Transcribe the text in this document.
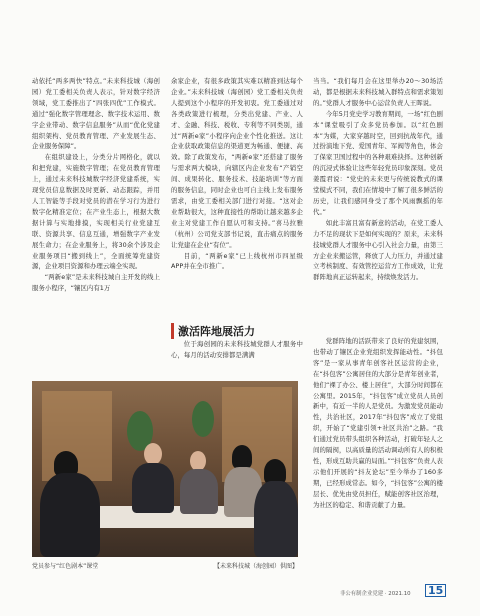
动依托“两多两快”特点。”未来科技城（海创园）党工委相关负责人表示，针对数字经济领域，党工委推出了“四张四优”工作模式。通过“强化数字管理理念、数字技术运用、数字企业带动、数字信息服务”从而“优化党建组织架构、党员教育管理、产业发展生态、企业服务保障”。

在组织建设上，分类分片网格化，就以和把党建，实施数字管理；在党员教育管理上，通过未来科技城数字经济党建系统，实现党员信息数据及时更新、动态跟踪，并用人工智能等手段对党员的潜在学习行为进行数字化精准定位；在产业生态上，根据大数据计算与实地排摸，实现相关行业党建互联、资源共享、信息互通，增强数字产业发展生命力；在企业服务上，将30余个涉及企业服务项目“搬到线上”，全面统筹党建资源，企业项目资源和办理云端全实现。

“两新e家”是未来科技城自主开发的线上服务小程序，“镶区内有1万

余家企业，有很多政策其实难以精准到达每个企业。”未来科技城（海创园）党工委相关负责人提到这个小程序的开发初衷。党工委通过对各类政策进行梳理，分类出党建、产业、人才、金融、科技、税收、专利等不同类别，通过“两新e家”小程序向企业个性化推送。这让企业获取政策信息的渠道更为畅通、便捷、高效。除了政策发布，“两新e家”还搭建了服务与需求两大模块，向辖区内企业发布“产销空间、成果转化、服务技术、技能培训”等方面的服务信息，同时企业也可自主线上发布服务需求，由党工委相关部门进行对接。“这对企业帮助很大，这种直接性的帮助让越来越多企业主对党建工作自愿认可和支持。”喜马拉雅（杭州）公司党支部书记说，直击痛点的服务让党建在企业“有位”。

目前，“两新e家”已上线杭州市四星级APP并在全市推广。

激活阵地展活力

位于海创园的未来科技城党群人才服务中心，每月的活动安排都是满满

当当。“我们每月会在这里举办20～30场活动，都是根据未来科技城入群特点和需求策划的。”党群人才服务中心运营负责人王晖说。

今年5月党史学习教育期间，一场“红色剧本”课堂吸引了众多党员参加。以“红色剧本”为媒，大家穿越时空，回到抗战年代，通过扮演地下党、爱国青年、军阀等角色，体会了保家卫国过程中的各种艰难抉择。这种创新的沉浸式体验让这些年轻党员印象深刻。党员姜霞君说：“党史的未来更与传统说教式的课堂模式不同，我们在情境中了解了很多鲜活的历史，让我们感同身受了那个风雨飘摇的年代。”

如此丰富且富有新意的活动，在党工委人力不足的现状下是如何实现的？原来，未来科技城党群人才服务中心引入社会力量，由第三方企业来搬运管，释放了人力压力，并通过建立考核制度、有效管控运营方工作成效，让党群阵地真正运转起来，持续焕发活力。

党群阵地的活跃带来了良好的党建氛围，也带动了镶区企业党组织发挥能动性。“抖包客”是一家从事青年创客社区运营的企业，在“抖包客”公寓居住的大部分是青年创业者，他们“裸了办公、楼上居住”，大部分时间都在公寓里。2015年，“抖包客”成立党员人员创新中，有近一半的人是党员。为激发党员能动性，共治社区，2017年“抖包客”成立了党组织，开始了“党建引领+社区共治”之路。“我们通过党员带头组织各种活动，打破年轻人之间的隔阂，以高质量的活动调动所有人的积极性，形成互助共赢的局面。”“抖包客”负责人表示他们开展的“抖友论坛”至今举办了160多期，已经形成常态。如今，“抖包客”公寓的楼层长、优先由党员担任，赋能创客社区治理，为社区的稳定、和谐贡献了力量。

党员参与“红色剧本”课堂	【未来科技城（海创园）供图】
非公有制企业党建 · 2021.10 15
